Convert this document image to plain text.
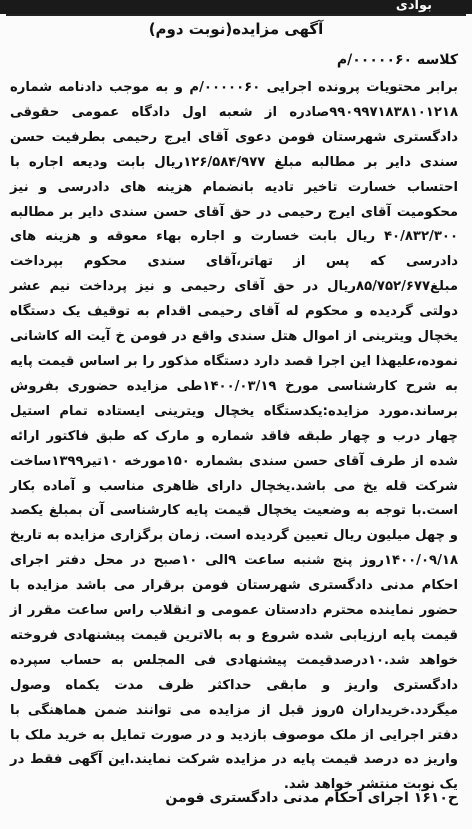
بوادی
آگهی مزایده(نوبت دوم)
کلاسه ۰۰۰۰۰۶۰/م

برابر محتویات پرونده اجرایی ۰۰۰۰۰۶۰/م و به موجب دادنامه شماره ۹۹۰۹۹۷۱۸۳۸۱۰۱۲۱۸صادره از شعبه اول دادگاه عمومی حقوقی دادگستری شهرستان فومن دعوی آقای ایرج رحیمی بطرفیت حسن سندی دایر بر مطالبه مبلغ ۱۲۶/۵۸۴/۹۷۷ریال بابت ودیعه اجاره با احتساب خسارت تاخیر تادیه بانضمام هزینه های دادرسی و نیز محکومیت آقای ایرج رحیمی در حق آقای حسن سندی دایر بر مطالبه ۴۰/۸۳۲/۳۰۰ ریال بابت خسارت و اجاره بهاء معوقه و هزینه های دادرسی که پس از تهاتر،آقای سندی محکوم بپرداخت مبلغ۸۵/۷۵۲/۶۷۷ریال در حق آقای رحیمی و نیز پرداخت نیم عشر دولتی گردیده و محکوم له آقای رحیمی اقدام به توقیف یک دستگاه یخچال ویترینی از اموال هتل سندی واقع در فومن خ آیت اله کاشانی نموده،علیهذا این اجرا قصد دارد دستگاه مذکور را بر اساس قیمت پایه به شرح کارشناسی مورخ ۱۴۰۰/۰۳/۱۹طی مزایده حضوری بفروش برساند.مورد مزایده:یکدستگاه یخچال ویترینی ایستاده تمام استیل چهار درب و چهار طبقه فاقد شماره و مارک که طبق فاکتور ارائه شده از طرف آقای حسن سندی بشماره ۱۵۰مورخه ۱۰تیر۱۳۹۹ساخت شرکت قله یخ می باشد.یخچال دارای ظاهری مناسب و آماده بکار است.با توجه به وضعیت یخچال قیمت پایه کارشناسی آن بمبلغ یکصد و چهل میلیون ریال تعیین گردیده است. زمان برگزاری مزایده به تاریخ ۱۴۰۰/۰۹/۱۸روز پنج شنبه ساعت ۹الی ۱۰صبح در محل دفتر اجرای احکام مدنی دادگستری شهرستان فومن برقرار می باشد مزایده با حضور نماینده محترم دادستان عمومی و انقلاب راس ساعت مقرر از قیمت پایه ارزیابی شده شروع و به بالاترین قیمت پیشنهادی فروخته خواهد شد.۱۰درصدقیمت پیشنهادی فی المجلس به حساب سپرده دادگستری واریز و مابقی حداکثر ظرف مدت یکماه وصول میگردد.خریداران ۵روز قبل از مزایده می توانند ضمن هماهنگی با دفتر اجرایی از ملک موصوف بازدید و در صورت تمایل به خرید ملک با واریز ده درصد قیمت پایه در مزایده شرکت نمایند.این آگهی فقط در یک نوبت منتشر خواهد شد.

ح۱۶۱۰ اجرای احکام مدنی دادگستری فومن
